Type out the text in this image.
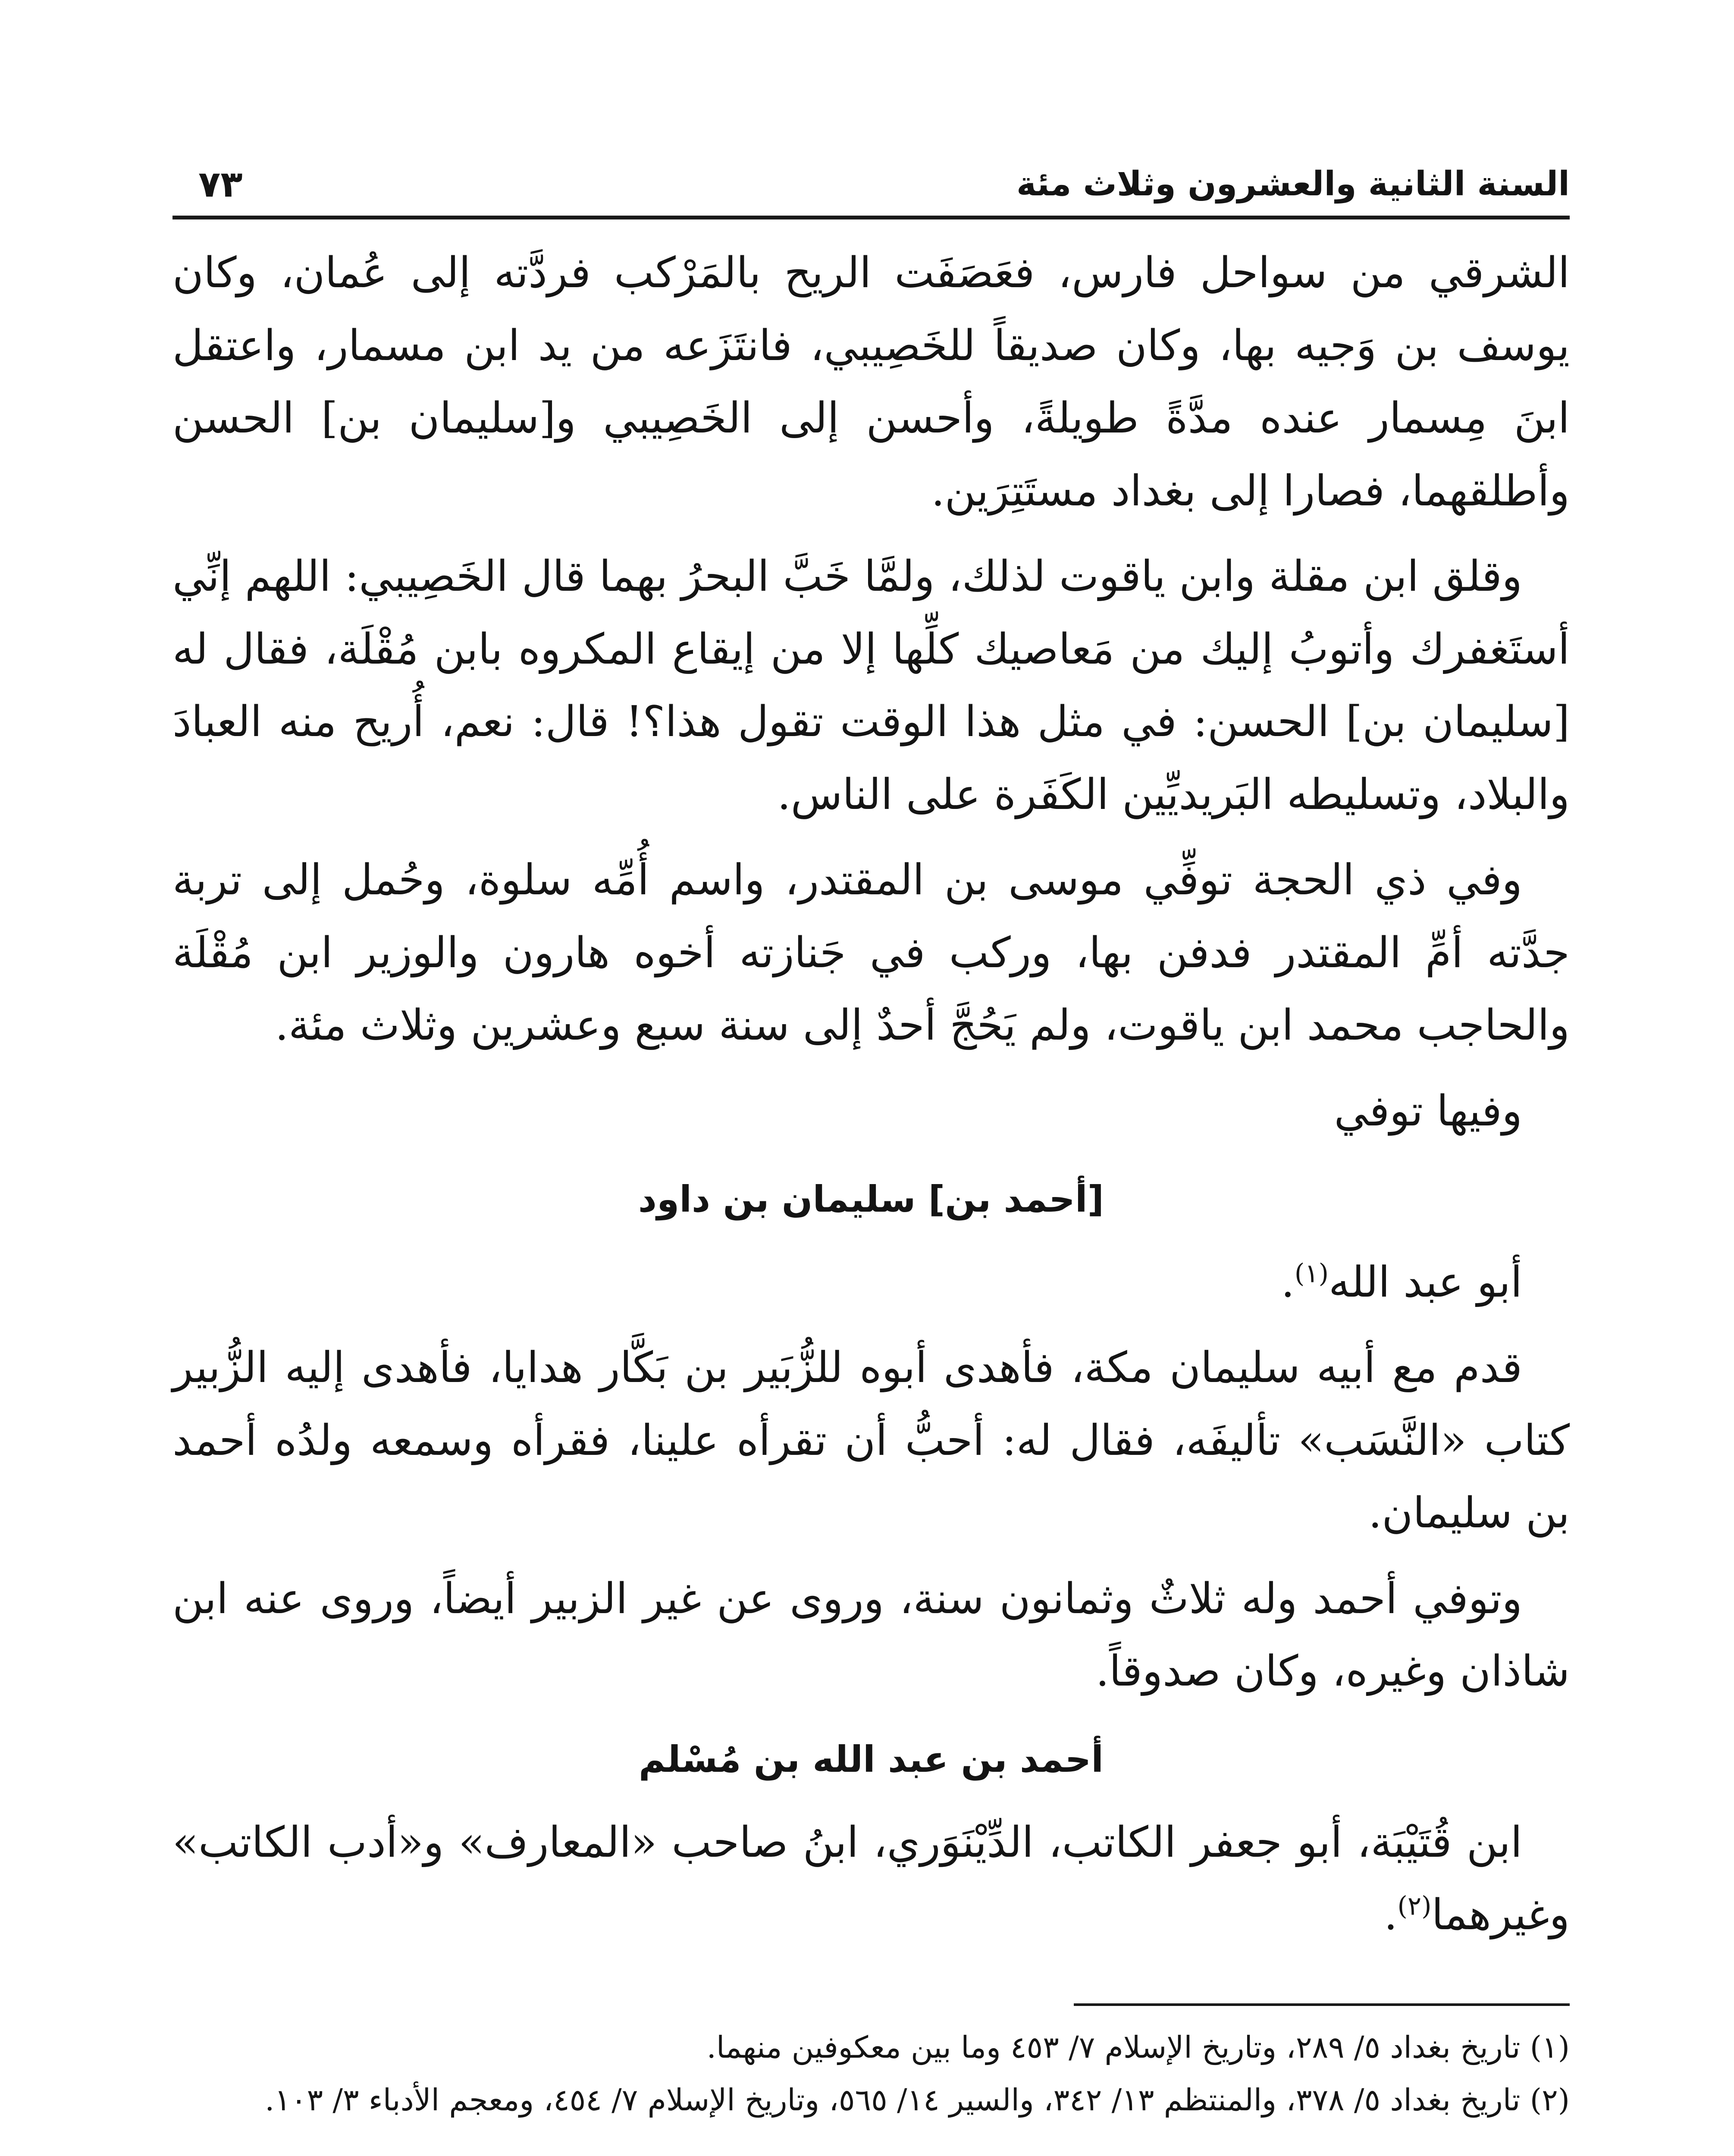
السنة الثانية والعشرون وثلاث مئة
٧٣

الشرقي من سواحل فارس، فعَصَفَت الريح بالمَرْكب فردَّته إلى عُمان، وكان يوسف بن وَجيه بها، وكان صديقاً للخَصِيبي، فانتَزَعه من يد ابن مسمار، واعتقل ابنَ مِسمار عنده مدَّةً طويلةً، وأحسن إلى الخَصِيبي و[سليمان بن] الحسن وأطلقهما، فصارا إلى بغداد مستَتِرَين.

وقلق ابن مقلة وابن ياقوت لذلك، ولمَّا خَبَّ البحرُ بهما قال الخَصِيبي: اللهم إنِّي أستَغفرك وأتوبُ إليك من مَعاصيك كلِّها إلا من إيقاع المكروه بابن مُقْلَة، فقال له [سليمان بن] الحسن: في مثل هذا الوقت تقول هذا؟! قال: نعم، أُريح منه العبادَ والبلاد، وتسليطه البَريديِّين الكَفَرة على الناس.

وفي ذي الحجة توفِّي موسى بن المقتدر، واسم أُمِّه سلوة، وحُمل إلى تربة جدَّته أمِّ المقتدر فدفن بها، وركب في جَنازته أخوه هارون والوزير ابن مُقْلَة والحاجب محمد ابن ياقوت، ولم يَحُجَّ أحدٌ إلى سنة سبع وعشرين وثلاث مئة.

وفيها توفي

[أحمد بن] سليمان بن داود

أبو عبد الله$^{(١)}$.

قدم مع أبيه سليمان مكة، فأهدى أبوه للزُّبَير بن بَكَّار هدايا، فأهدى إليه الزُّبير كتاب «النَّسَب» تأليفَه، فقال له: أحبُّ أن تقرأه علينا، فقرأه وسمعه ولدُه أحمد بن سليمان.

وتوفي أحمد وله ثلاثٌ وثمانون سنة، وروى عن غير الزبير أيضاً، وروى عنه ابن شاذان وغيره، وكان صدوقاً.

أحمد بن عبد الله بن مُسْلم

ابن قُتَيْبَة، أبو جعفر الكاتب، الدِّيْنَوَري، ابنُ صاحب «المعارف» و«أدب الكاتب» وغيرهما$^{(٢)}$.

(١) تاريخ بغداد ٥/ ٢٨٩، وتاريخ الإسلام ٧/ ٤٥٣ وما بين معكوفين منهما.

(٢) تاريخ بغداد ٥/ ٣٧٨، والمنتظم ١٣/ ٣٤٢، والسير ١٤/ ٥٦٥، وتاريخ الإسلام ٧/ ٤٥٤، ومعجم الأدباء ٣/ ١٠٣.
